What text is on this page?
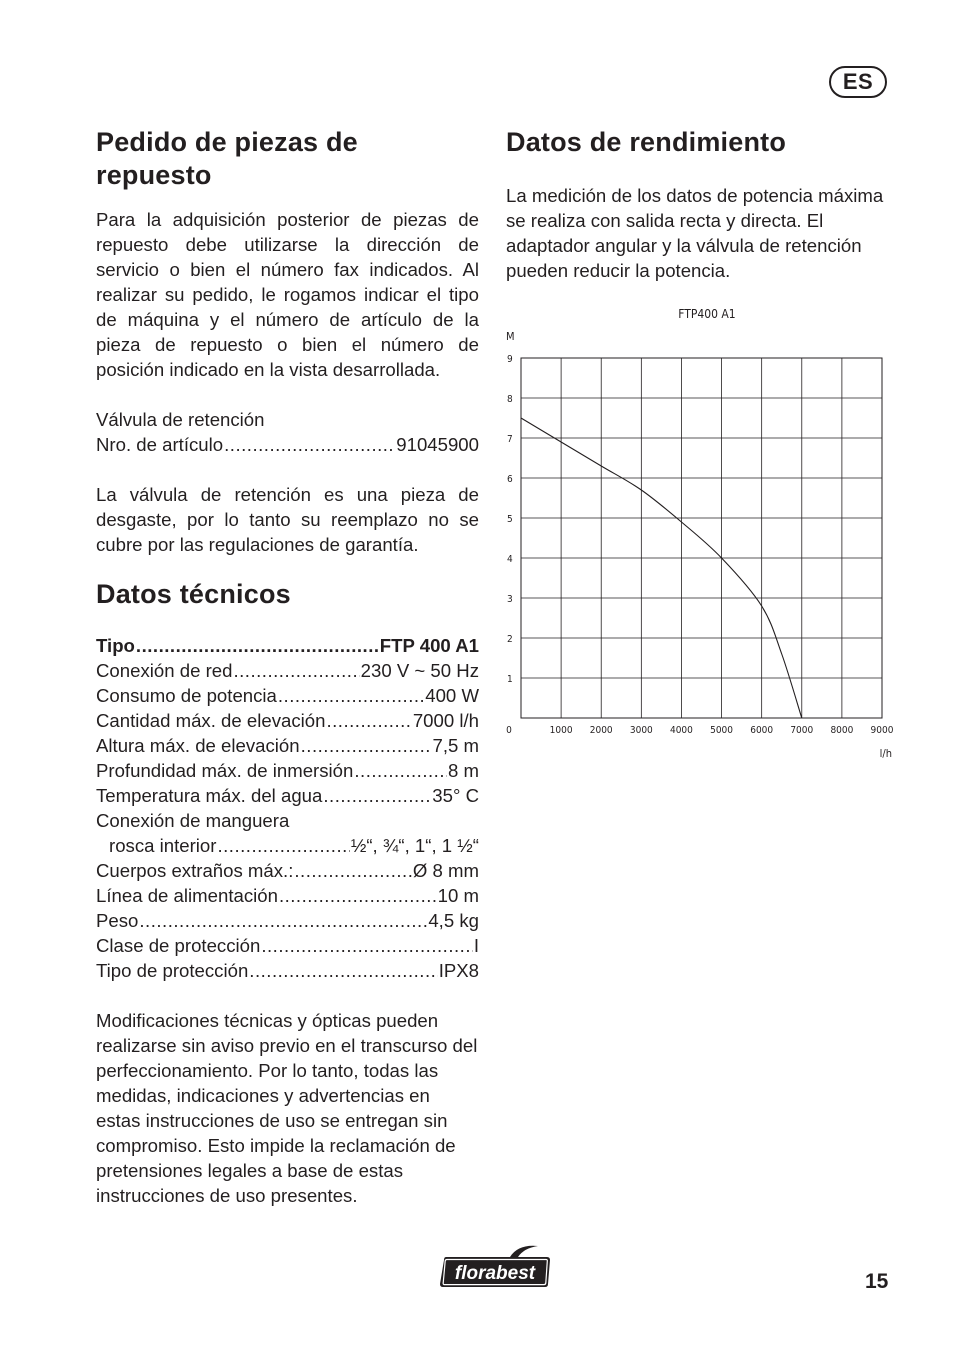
ES
Pedido de piezas de repuesto

Para la adquisición posterior de piezas de repuesto debe utilizarse la dirección de servicio o bien el número fax indicados. Al realizar su pedido, le rogamos indicar el tipo de máquina y el número de artículo de la pieza de repuesto o bien el número de posición indicado en la vista desarrollada.

Válvula de retención

Nro. de artículo .....	91045900

La válvula de retención es una pieza de desgaste, por lo tanto su reemplazo no se cubre por las regulaciones de garantía.

Datos técnicos
Tipo .....	FTP 400 A1
Conexión de red .....	230 V ~ 50 Hz
Consumo de potencia .....	400 W
Cantidad máx. de elevación .....	7000 l/h
Altura máx. de elevación .....	7,5 m
Profundidad máx. de inmersión .....	8 m
Temperatura máx. del agua .....	35° C
Conexión de manguera
rosca interior .....	½“, ¾“, 1“, 1 ½“
Cuerpos extraños máx.: .....	Ø 8 mm
Línea de alimentación .....	10 m
Peso .....	4,5 kg
Clase de protección .....	I
Tipo de protección .....	IPX8

Modificaciones técnicas y ópticas pueden realizarse sin aviso previo en el transcurso del perfeccionamiento. Por lo tanto, todas las medidas, indicaciones y advertencias en estas instrucciones de uso se entregan sin compromiso. Esto impide la reclamación de pretensiones legales a base de estas instrucciones de uso presentes.

Datos de rendimiento

La medición de los datos de potencia máxima se realiza con salida recta y directa. El adaptador angular y la válvula de retención pueden reducir la potencia.

FTP400 A1
M
1
2
3
4
5
6
7
8
9
0	1000 2000 3000 4000 5000 6000 7000 8000 9000
l/h
florabest	15
